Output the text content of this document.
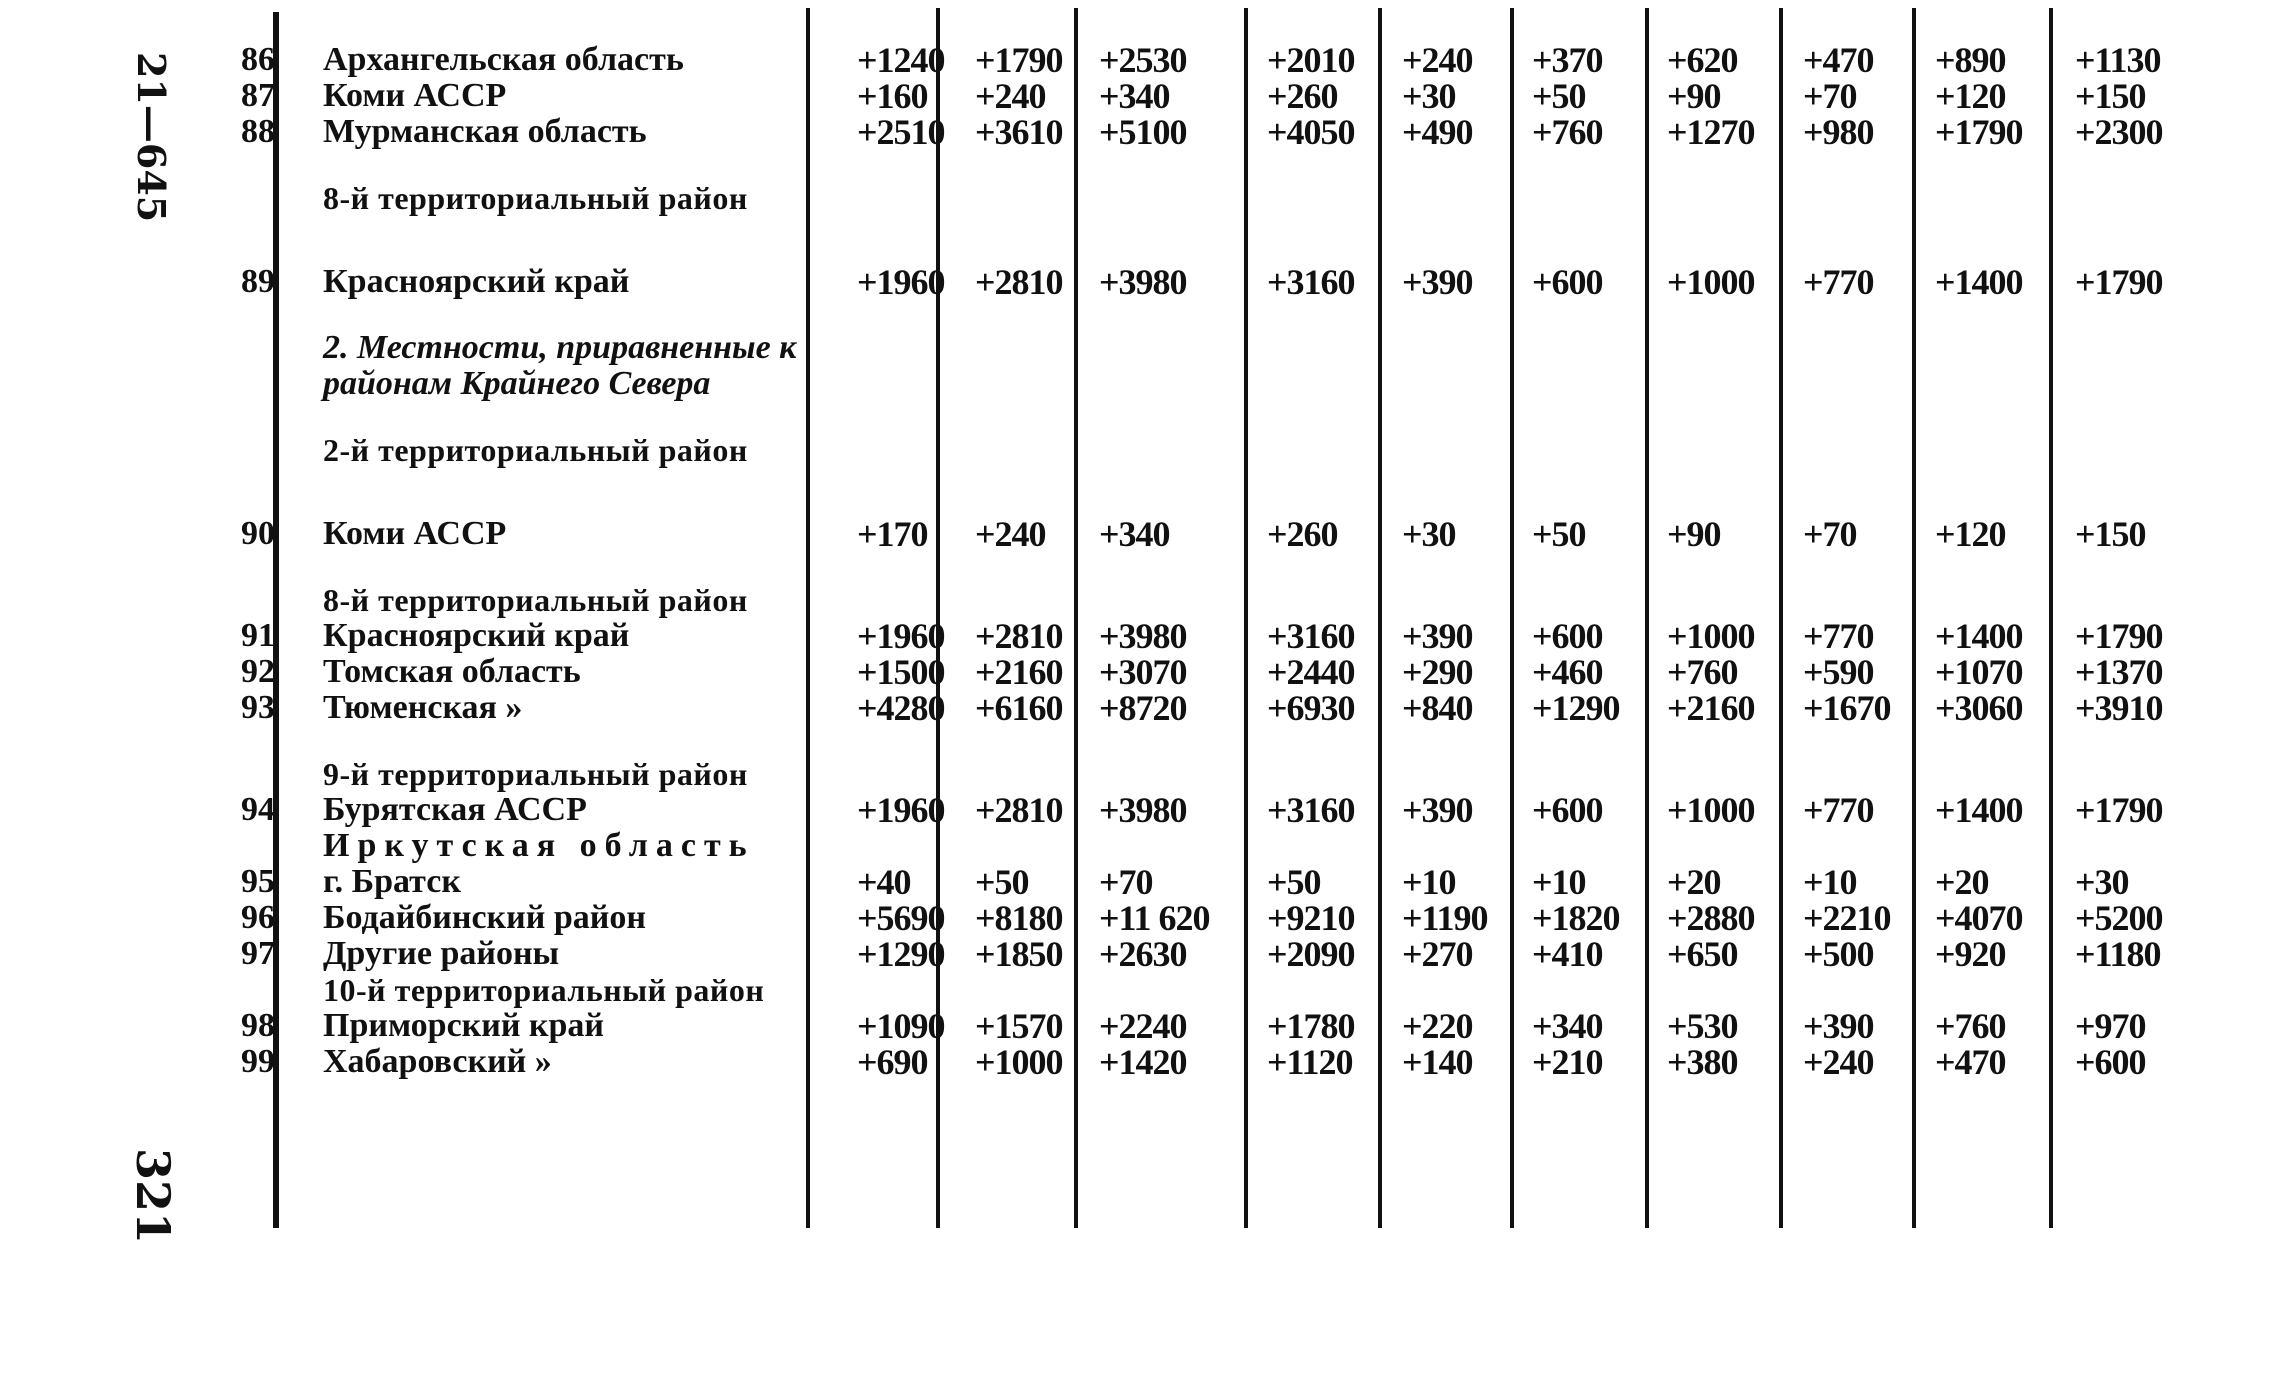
21—645
321
86	Архангельская область	+1240	+1790	+2530	+2010	+240	+370	+620	+470	+890	+1130
87	Коми АССР	+160	+240	+340	+260	+30	+50	+90	+70	+120	+150
88	Мурманская область	+2510	+3610	+5100	+4050	+490	+760	+1270	+980	+1790	+2300

	8-й территориальный район										

89	Красноярский край	+1960	+2810	+3980	+3160	+390	+600	+1000	+770	+1400	+1790

	2. Местности, приравненные к районам Крайнего Севера										

	2-й территориальный район										

90	Коми АССР	+170	+240	+340	+260	+30	+50	+90	+70	+120	+150

	8-й территориальный район										
91	Красноярский край	+1960	+2810	+3980	+3160	+390	+600	+1000	+770	+1400	+1790
92	Томская область	+1500	+2160	+3070	+2440	+290	+460	+760	+590	+1070	+1370
93	Тюменская »	+4280	+6160	+8720	+6930	+840	+1290	+2160	+1670	+3060	+3910

	9-й территориальный район										
94	Бурятская АССР	+1960	+2810	+3980	+3160	+390	+600	+1000	+770	+1400	+1790
	Иркутская область										
95	г. Братск	+40	+50	+70	+50	+10	+10	+20	+10	+20	+30
96	Бодайбинский район	+5690	+8180	+11 620	+9210	+1190	+1820	+2880	+2210	+4070	+5200
97	Другие районы	+1290	+1850	+2630	+2090	+270	+410	+650	+500	+920	+1180
	10-й территориальный район										
98	Приморский край	+1090	+1570	+2240	+1780	+220	+340	+530	+390	+760	+970
99	Хабаровский »	+690	+1000	+1420	+1120	+140	+210	+380	+240	+470	+600
